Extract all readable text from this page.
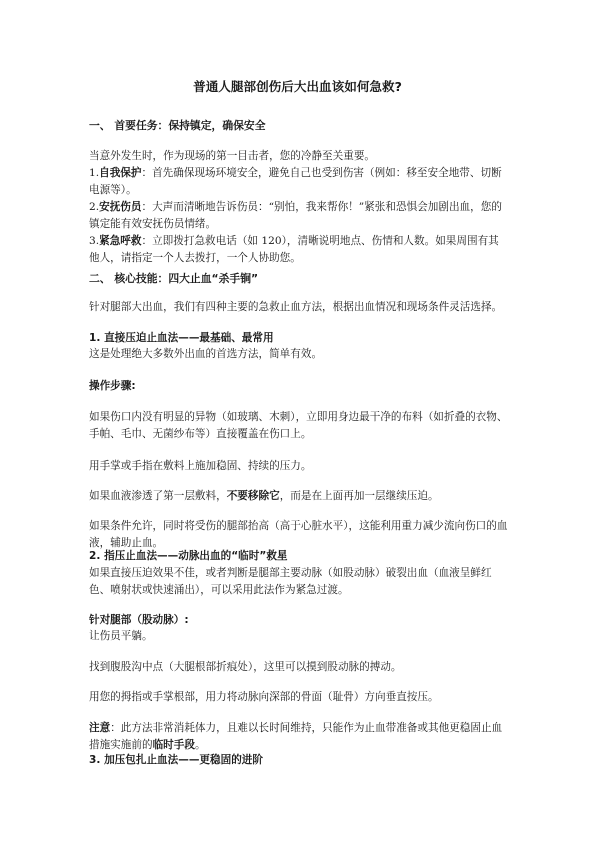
普通人腿部创伤后大出血该如何急救?

一、 首要任务：保持镇定，确保安全

当意外发生时，作为现场的第一目击者，您的冷静至关重要。

1.自我保护：首先确保现场环境安全，避免自己也受到伤害（例如：移至安全地带、切断电源等）。

2.安抚伤员：大声而清晰地告诉伤员：“别怕，我来帮你！”紧张和恐惧会加剧出血，您的镇定能有效安抚伤员情绪。

3.紧急呼救：立即拨打急救电话（如 120），清晰说明地点、伤情和人数。如果周围有其他人，请指定一个人去拨打，一个人协助您。

二、 核心技能：四大止血“杀手锏”

针对腿部大出血，我们有四种主要的急救止血方法，根据出血情况和现场条件灵活选择。

1. 直接压迫止血法——最基础、最常用

这是处理绝大多数外出血的首选方法，简单有效。

操作步骤:

如果伤口内没有明显的异物（如玻璃、木刺），立即用身边最干净的布料（如折叠的衣物、手帕、毛巾、无菌纱布等）直接覆盖在伤口上。

用手掌或手指在敷料上施加稳固、持续的压力。

如果血液渗透了第一层敷料，不要移除它，而是在上面再加一层继续压迫。

如果条件允许，同时将受伤的腿部抬高（高于心脏水平），这能利用重力减少流向伤口的血液，辅助止血。

2. 指压止血法——动脉出血的“临时”救星

如果直接压迫效果不佳，或者判断是腿部主要动脉（如股动脉）破裂出血（血液呈鲜红色、喷射状或快速涌出），可以采用此法作为紧急过渡。

针对腿部（股动脉）:

让伤员平躺。

找到腹股沟中点（大腿根部折痕处），这里可以摸到股动脉的搏动。

用您的拇指或手掌根部，用力将动脉向深部的骨面（耻骨）方向垂直按压。

注意：此方法非常消耗体力，且难以长时间维持，只能作为止血带准备或其他更稳固止血措施实施前的临时手段。

3. 加压包扎止血法——更稳固的进阶
